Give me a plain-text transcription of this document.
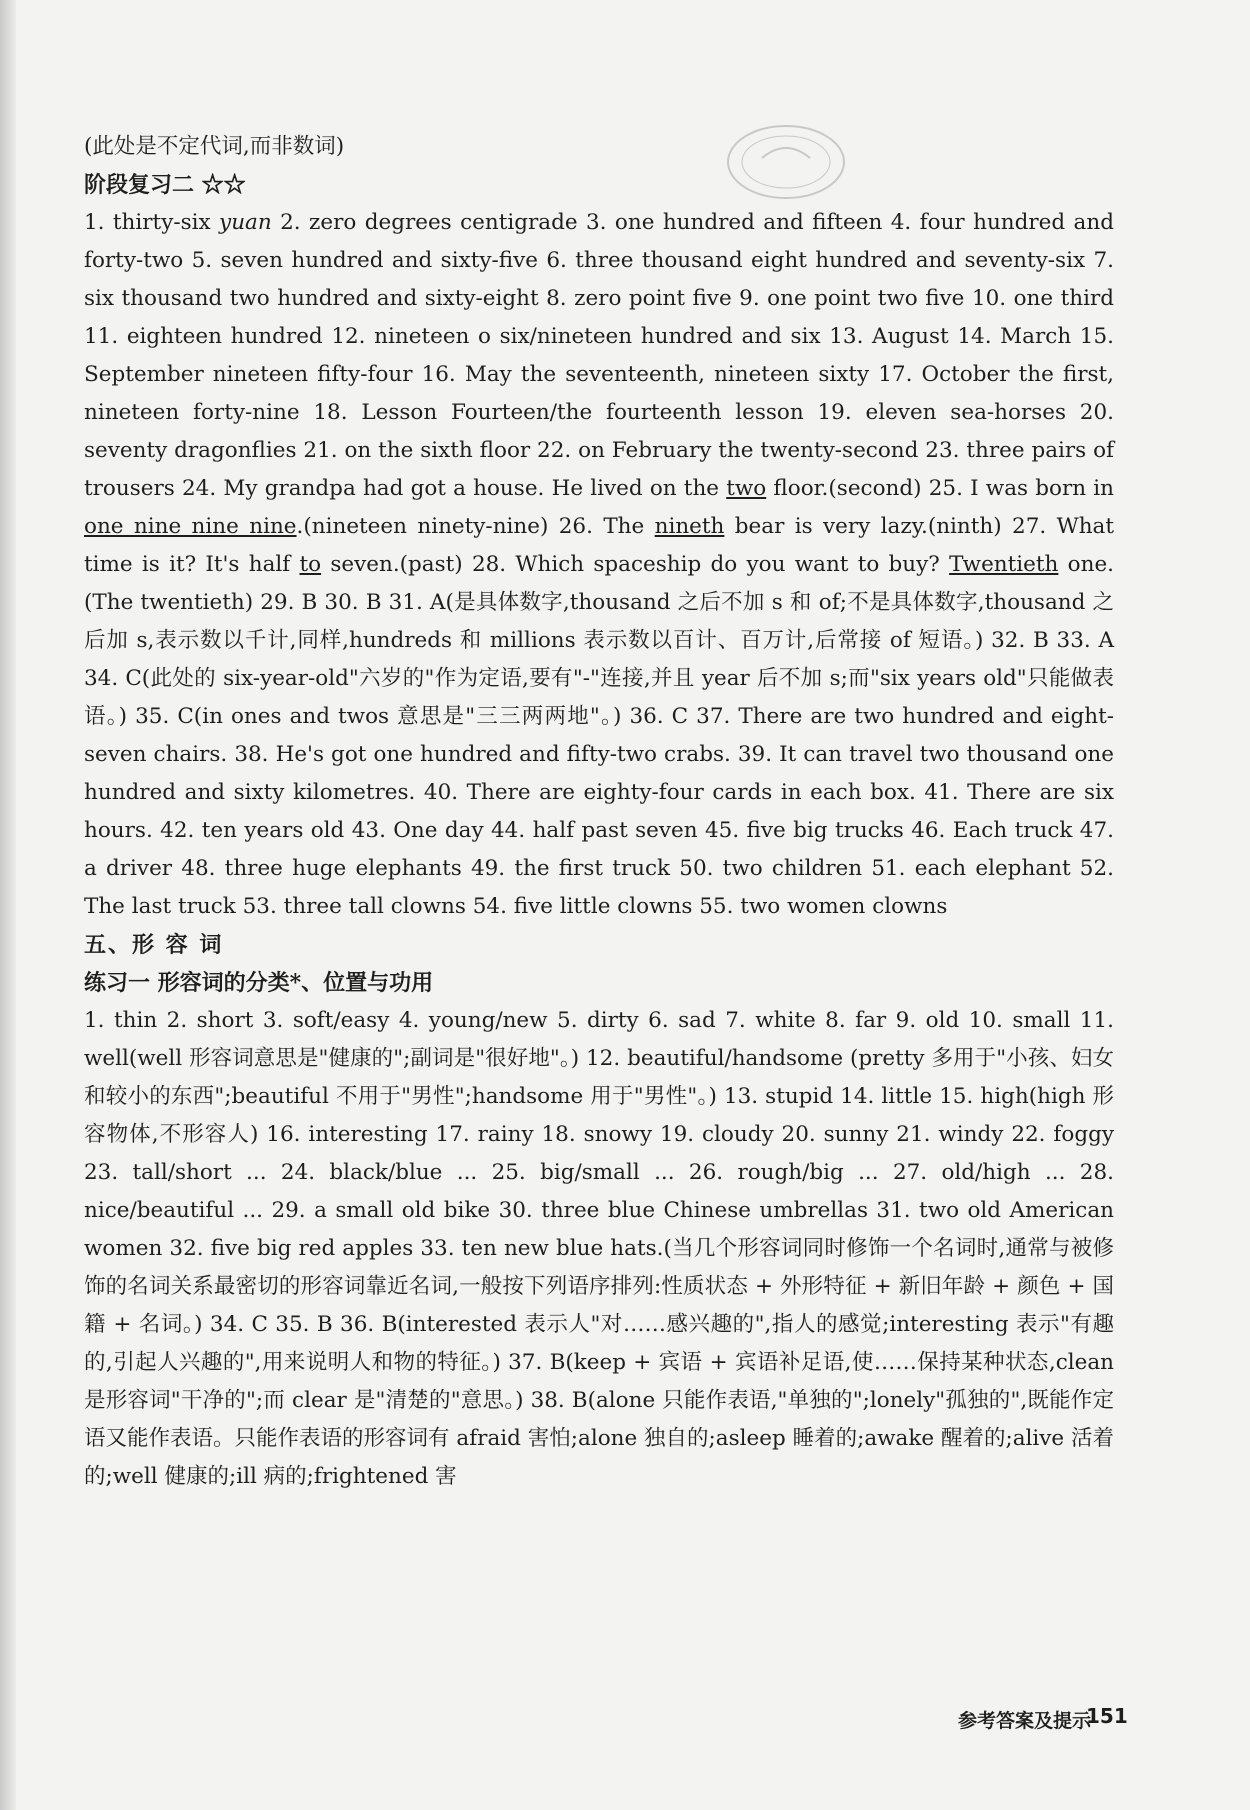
(此处是不定代词,而非数词)

阶段复习二 ☆☆

1. thirty-six yuan 2. zero degrees centigrade 3. one hundred and fifteen 4. four hundred and forty-two 5. seven hundred and sixty-five 6. three thousand eight hundred and seventy-six 7. six thousand two hundred and sixty-eight 8. zero point five 9. one point two five 10. one third 11. eighteen hundred 12. nineteen o six/nineteen hundred and six 13. August 14. March 15. September nineteen fifty-four 16. May the seventeenth, nineteen sixty 17. October the first, nineteen forty-nine 18. Lesson Fourteen/the fourteenth lesson 19. eleven sea-horses 20. seventy dragonflies 21. on the sixth floor 22. on February the twenty-second 23. three pairs of trousers 24. My grandpa had got a house. He lived on the two floor.(second) 25. I was born in one nine nine nine.(nineteen ninety-nine) 26. The nineth bear is very lazy.(ninth) 27. What time is it? It's half to seven.(past) 28. Which spaceship do you want to buy? Twentieth one.(The twentieth) 29. B 30. B 31. A(是具体数字,thousand 之后不加 s 和 of;不是具体数字,thousand 之后加 s,表示数以千计,同样,hundreds 和 millions 表示数以百计、百万计,后常接 of 短语。) 32. B 33. A 34. C(此处的 six-year-old"六岁的"作为定语,要有"-"连接,并且 year 后不加 s;而"six years old"只能做表语。) 35. C(in ones and twos 意思是"三三两两地"。) 36. C 37. There are two hundred and eight-seven chairs. 38. He's got one hundred and fifty-two crabs. 39. It can travel two thousand one hundred and sixty kilometres. 40. There are eighty-four cards in each box. 41. There are six hours. 42. ten years old 43. One day 44. half past seven 45. five big trucks 46. Each truck 47. a driver 48. three huge elephants 49. the first truck 50. two children 51. each elephant 52. The last truck 53. three tall clowns 54. five little clowns 55. two women clowns

五、形 容 词

练习一 形容词的分类*、位置与功用

1. thin 2. short 3. soft/easy 4. young/new 5. dirty 6. sad 7. white 8. far 9. old 10. small 11. well(well 形容词意思是"健康的";副词是"很好地"。) 12. beautiful/handsome (pretty 多用于"小孩、妇女和较小的东西";beautiful 不用于"男性";handsome 用于"男性"。) 13. stupid 14. little 15. high(high 形容物体,不形容人) 16. interesting 17. rainy 18. snowy 19. cloudy 20. sunny 21. windy 22. foggy 23. tall/short ... 24. black/blue ... 25. big/small ... 26. rough/big ... 27. old/high ... 28. nice/beautiful ... 29. a small old bike 30. three blue Chinese umbrellas 31. two old American women 32. five big red apples 33. ten new blue hats.(当几个形容词同时修饰一个名词时,通常与被修饰的名词关系最密切的形容词靠近名词,一般按下列语序排列:性质状态 + 外形特征 + 新旧年龄 + 颜色 + 国籍 + 名词。) 34. C 35. B 36. B(interested 表示人"对……感兴趣的",指人的感觉;interesting 表示"有趣的,引起人兴趣的",用来说明人和物的特征。) 37. B(keep + 宾语 + 宾语补足语,使……保持某种状态,clean 是形容词"干净的";而 clear 是"清楚的"意思。) 38. B(alone 只能作表语,"单独的";lonely"孤独的",既能作定语又能作表语。只能作表语的形容词有 afraid 害怕;alone 独自的;asleep 睡着的;awake 醒着的;alive 活着的;well 健康的;ill 病的;frightened 害

参考答案及提示
151
